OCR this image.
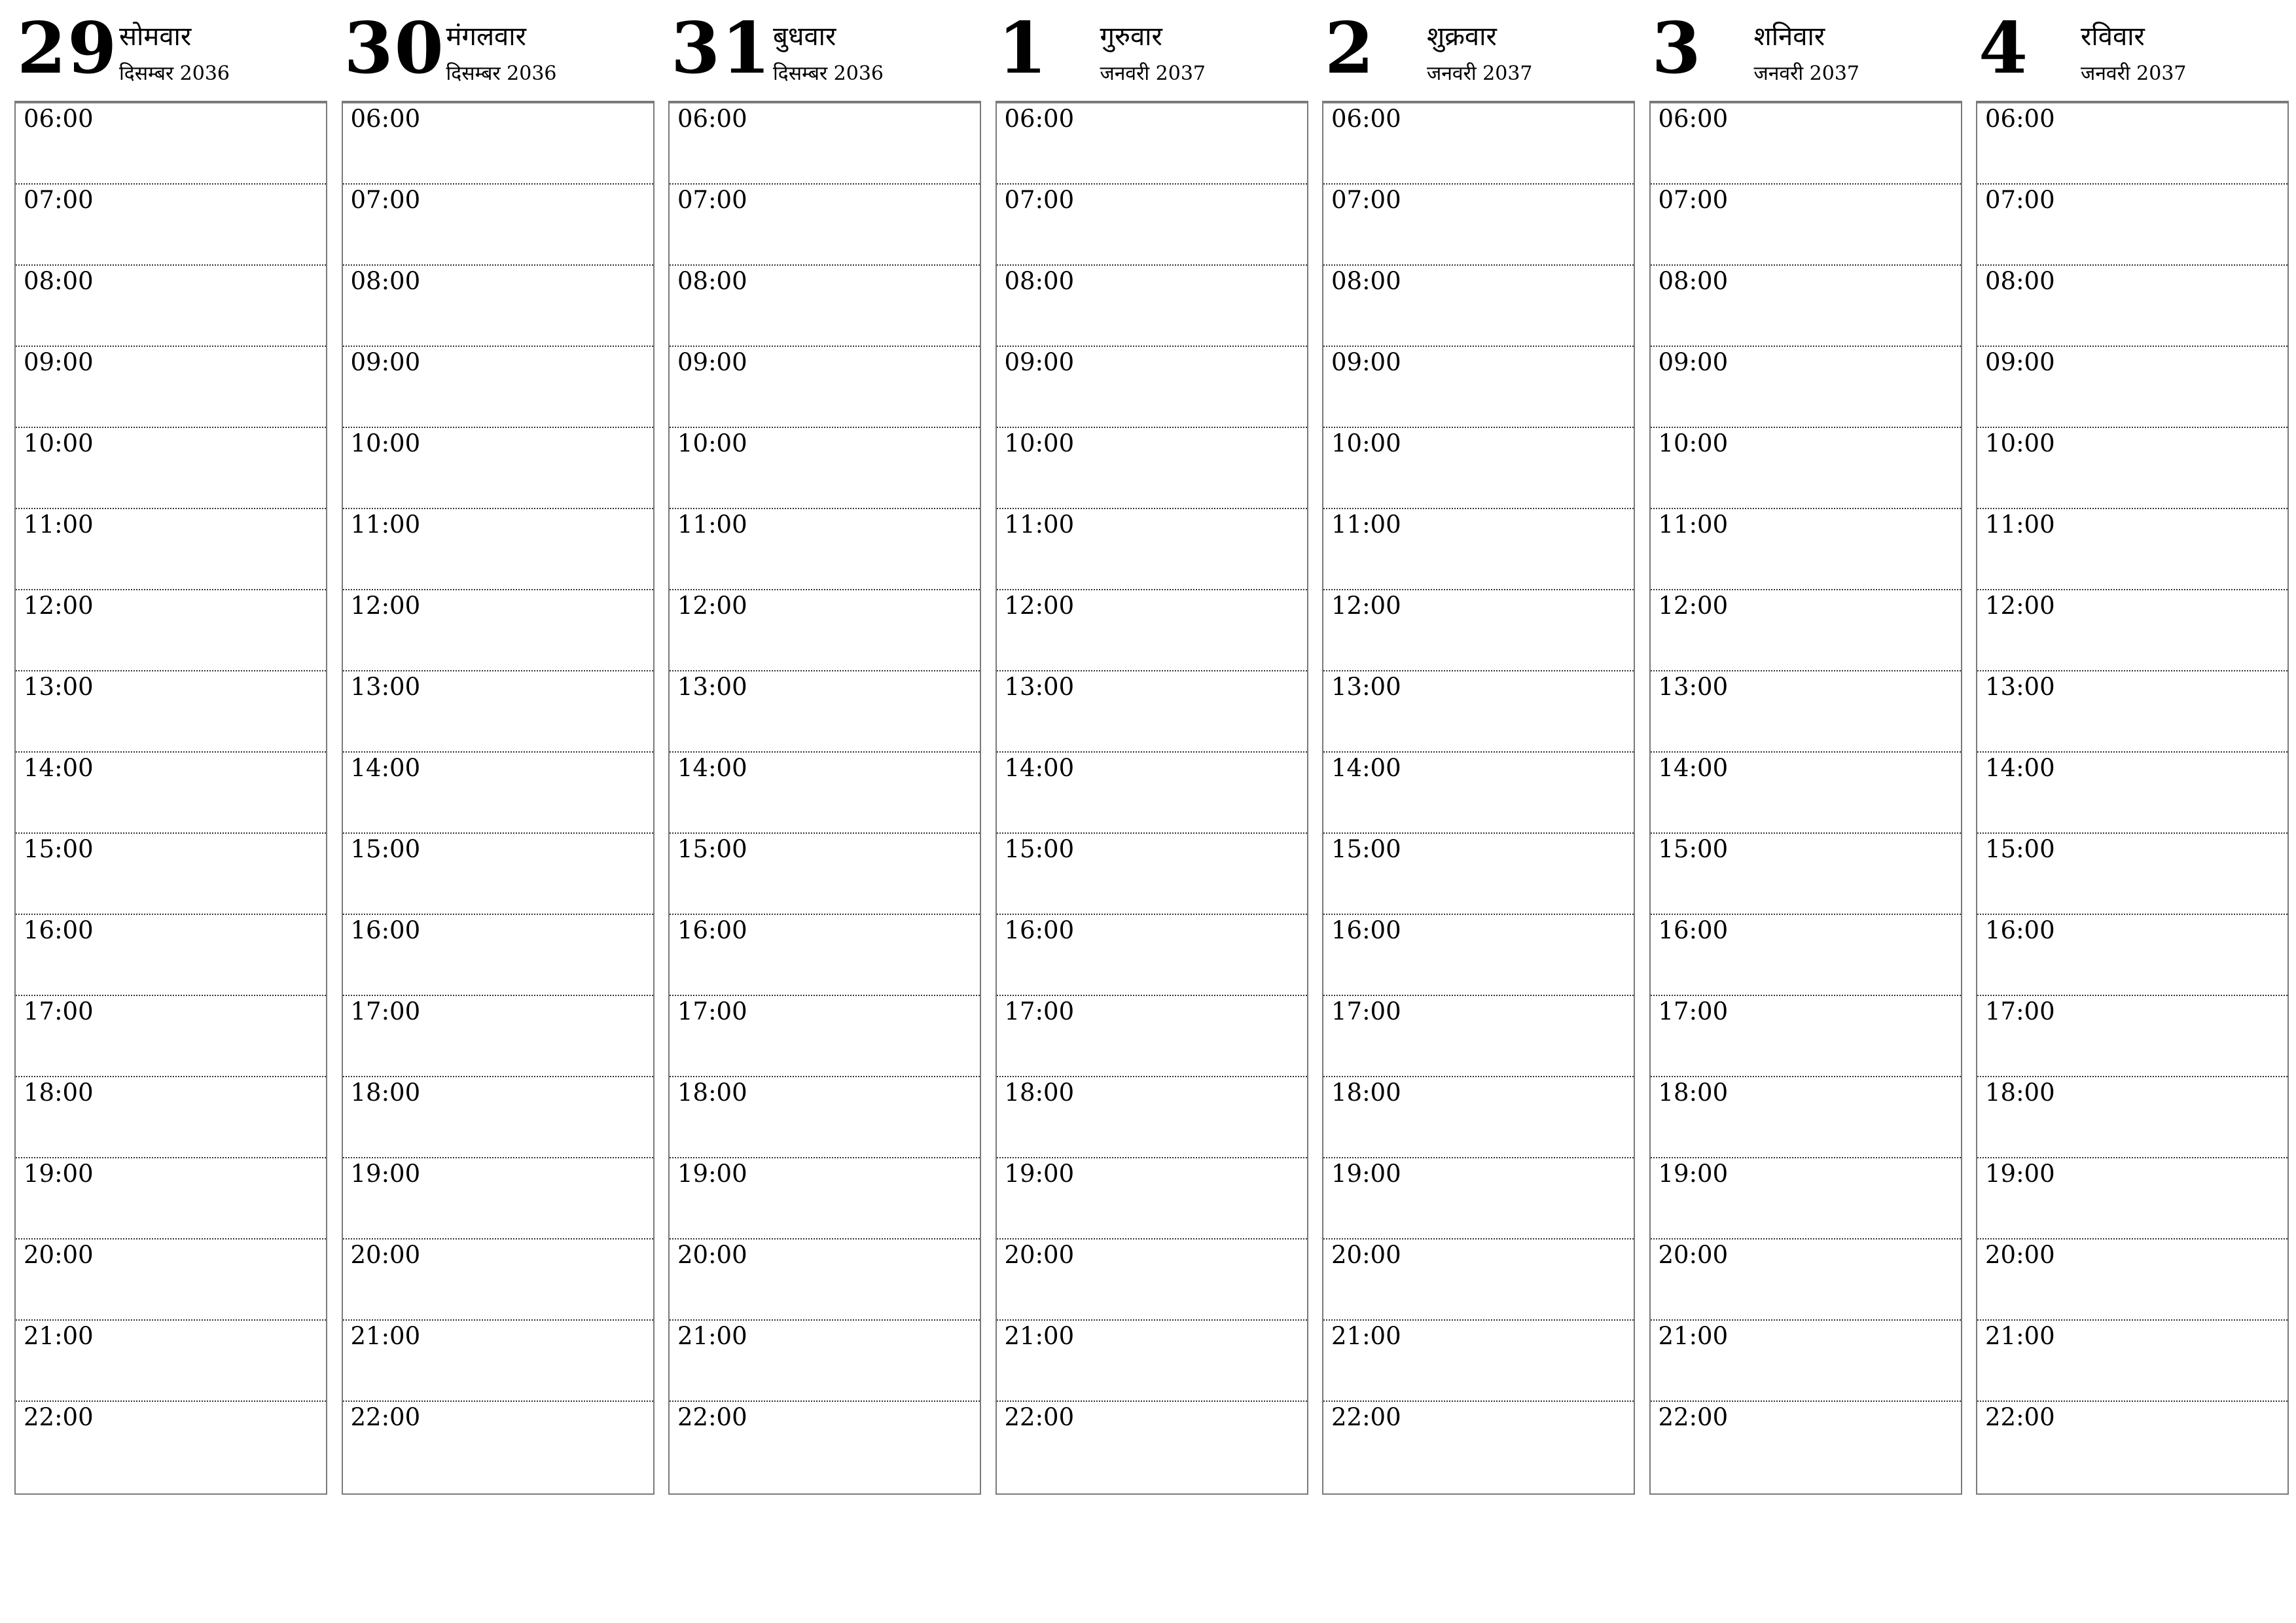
29 सोमवार
दिसम्बर 2036
06:00
07:00
08:00
09:00
10:00
11:00
12:00
13:00
14:00
15:00
16:00
17:00
18:00
19:00
20:00
21:00
22:00
30 मंगलवार
दिसम्बर 2036
06:00
07:00
08:00
09:00
10:00
11:00
12:00
13:00
14:00
15:00
16:00
17:00
18:00
19:00
20:00
21:00
22:00
31 बुधवार
दिसम्बर 2036
06:00
07:00
08:00
09:00
10:00
11:00
12:00
13:00
14:00
15:00
16:00
17:00
18:00
19:00
20:00
21:00
22:00
1 गुरुवार
जनवरी 2037
06:00
07:00
08:00
09:00
10:00
11:00
12:00
13:00
14:00
15:00
16:00
17:00
18:00
19:00
20:00
21:00
22:00
2 शुक्रवार
जनवरी 2037
06:00
07:00
08:00
09:00
10:00
11:00
12:00
13:00
14:00
15:00
16:00
17:00
18:00
19:00
20:00
21:00
22:00
3 शनिवार
जनवरी 2037
06:00
07:00
08:00
09:00
10:00
11:00
12:00
13:00
14:00
15:00
16:00
17:00
18:00
19:00
20:00
21:00
22:00
4 रविवार
जनवरी 2037
06:00
07:00
08:00
09:00
10:00
11:00
12:00
13:00
14:00
15:00
16:00
17:00
18:00
19:00
20:00
21:00
22:00
